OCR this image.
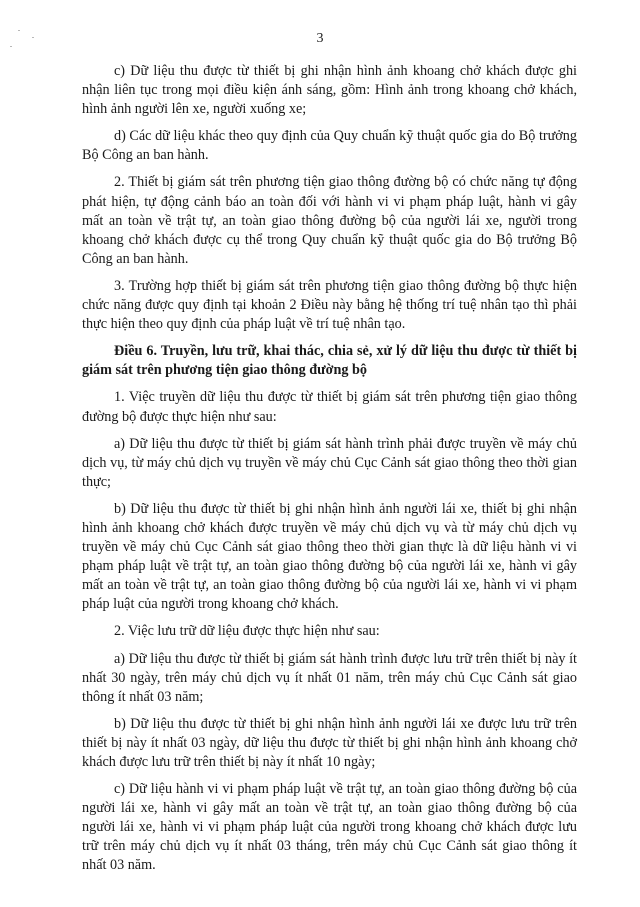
3

c) Dữ liệu thu được từ thiết bị ghi nhận hình ảnh khoang chở khách được ghi nhận liên tục trong mọi điều kiện ánh sáng, gồm: Hình ảnh trong khoang chở khách, hình ảnh người lên xe, người xuống xe;

d) Các dữ liệu khác theo quy định của Quy chuẩn kỹ thuật quốc gia do Bộ trưởng Bộ Công an ban hành.

2. Thiết bị giám sát trên phương tiện giao thông đường bộ có chức năng tự động phát hiện, tự động cảnh báo an toàn đối với hành vi vi phạm pháp luật, hành vi gây mất an toàn về trật tự, an toàn giao thông đường bộ của người lái xe, người trong khoang chở khách được cụ thể trong Quy chuẩn kỹ thuật quốc gia do Bộ trưởng Bộ Công an ban hành.

3. Trường hợp thiết bị giám sát trên phương tiện giao thông đường bộ thực hiện chức năng được quy định tại khoản 2 Điều này bằng hệ thống trí tuệ nhân tạo thì phải thực hiện theo quy định của pháp luật về trí tuệ nhân tạo.

Điều 6. Truyền, lưu trữ, khai thác, chia sẻ, xử lý dữ liệu thu được từ thiết bị giám sát trên phương tiện giao thông đường bộ

1. Việc truyền dữ liệu thu được từ thiết bị giám sát trên phương tiện giao thông đường bộ được thực hiện như sau:

a) Dữ liệu thu được từ thiết bị giám sát hành trình phải được truyền về máy chủ dịch vụ, từ máy chủ dịch vụ truyền về máy chủ Cục Cảnh sát giao thông theo thời gian thực;

b) Dữ liệu thu được từ thiết bị ghi nhận hình ảnh người lái xe, thiết bị ghi nhận hình ảnh khoang chở khách được truyền về máy chủ dịch vụ và từ máy chủ dịch vụ truyền về máy chủ Cục Cảnh sát giao thông theo thời gian thực là dữ liệu hành vi vi phạm pháp luật về trật tự, an toàn giao thông đường bộ của người lái xe, hành vi gây mất an toàn về trật tự, an toàn giao thông đường bộ của người lái xe, hành vi vi phạm pháp luật của người trong khoang chở khách.

2. Việc lưu trữ dữ liệu được thực hiện như sau:

a) Dữ liệu thu được từ thiết bị giám sát hành trình được lưu trữ trên thiết bị này ít nhất 30 ngày, trên máy chủ dịch vụ ít nhất 01 năm, trên máy chủ Cục Cảnh sát giao thông ít nhất 03 năm;

b) Dữ liệu thu được từ thiết bị ghi nhận hình ảnh người lái xe được lưu trữ trên thiết bị này ít nhất 03 ngày, dữ liệu thu được từ thiết bị ghi nhận hình ảnh khoang chở khách được lưu trữ trên thiết bị này ít nhất 10 ngày;

c) Dữ liệu hành vi vi phạm pháp luật về trật tự, an toàn giao thông đường bộ của người lái xe, hành vi gây mất an toàn về trật tự, an toàn giao thông đường bộ của người lái xe, hành vi vi phạm pháp luật của người trong khoang chở khách được lưu trữ trên máy chủ dịch vụ ít nhất 03 tháng, trên máy chủ Cục Cảnh sát giao thông ít nhất 03 năm.
